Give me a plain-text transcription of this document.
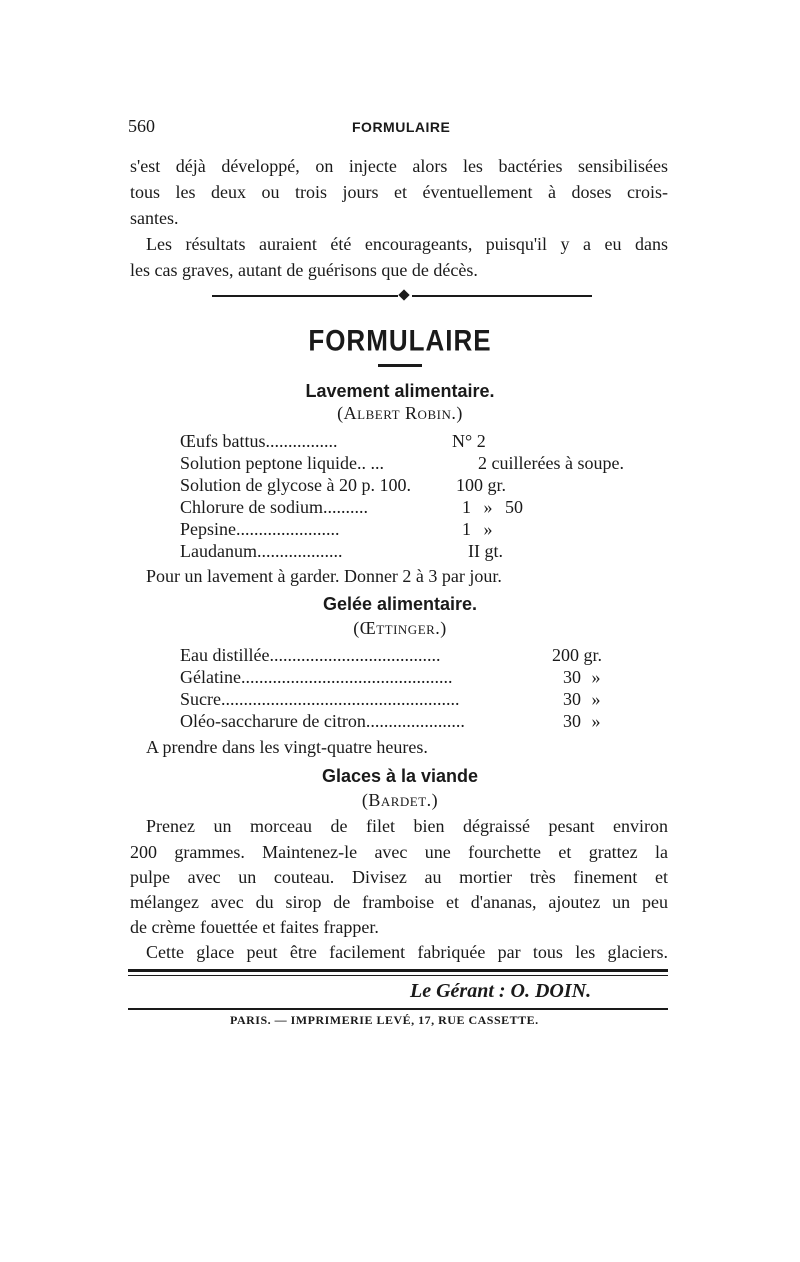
560	FORMULAIRE
s'est déjà développé, on injecte alors les bactéries sensibilisées
tous les deux ou trois jours et éventuellement à doses crois-
santes.
Les résultats auraient été encourageants, puisqu'il y a eu dans
les cas graves, autant de guérisons que de décès.
FORMULAIRE
Lavement alimentaire.
(Albert Robin.)
Œufs battus................	N° 2
Solution peptone liquide.. ...	2 cuillerées à soupe.
Solution de glycose à 20 p. 100.	100 gr.
Chlorure de sodium..........	1 » 50
Pepsine.......................	1 »
Laudanum...................	II gt.
Pour un lavement à garder. Donner 2 à 3 par jour.
Gelée alimentaire.
(Œttinger.)
Eau distillée......................................	200 gr.
Gélatine...............................................	30 »
Sucre.....................................................	30 »
Oléo-saccharure de citron......................	30 »
A prendre dans les vingt-quatre heures.
Glaces à la viande
(Bardet.)
Prenez un morceau de filet bien dégraissé pesant environ
200 grammes. Maintenez-le avec une fourchette et grattez la
pulpe avec un couteau. Divisez au mortier très finement et
mélangez avec du sirop de framboise et d'ananas, ajoutez un peu
de crème fouettée et faites frapper.
Cette glace peut être facilement fabriquée par tous les glaciers.
Le Gérant : O. DOIN.
PARIS. — IMPRIMERIE LEVÉ, 17, RUE CASSETTE.
